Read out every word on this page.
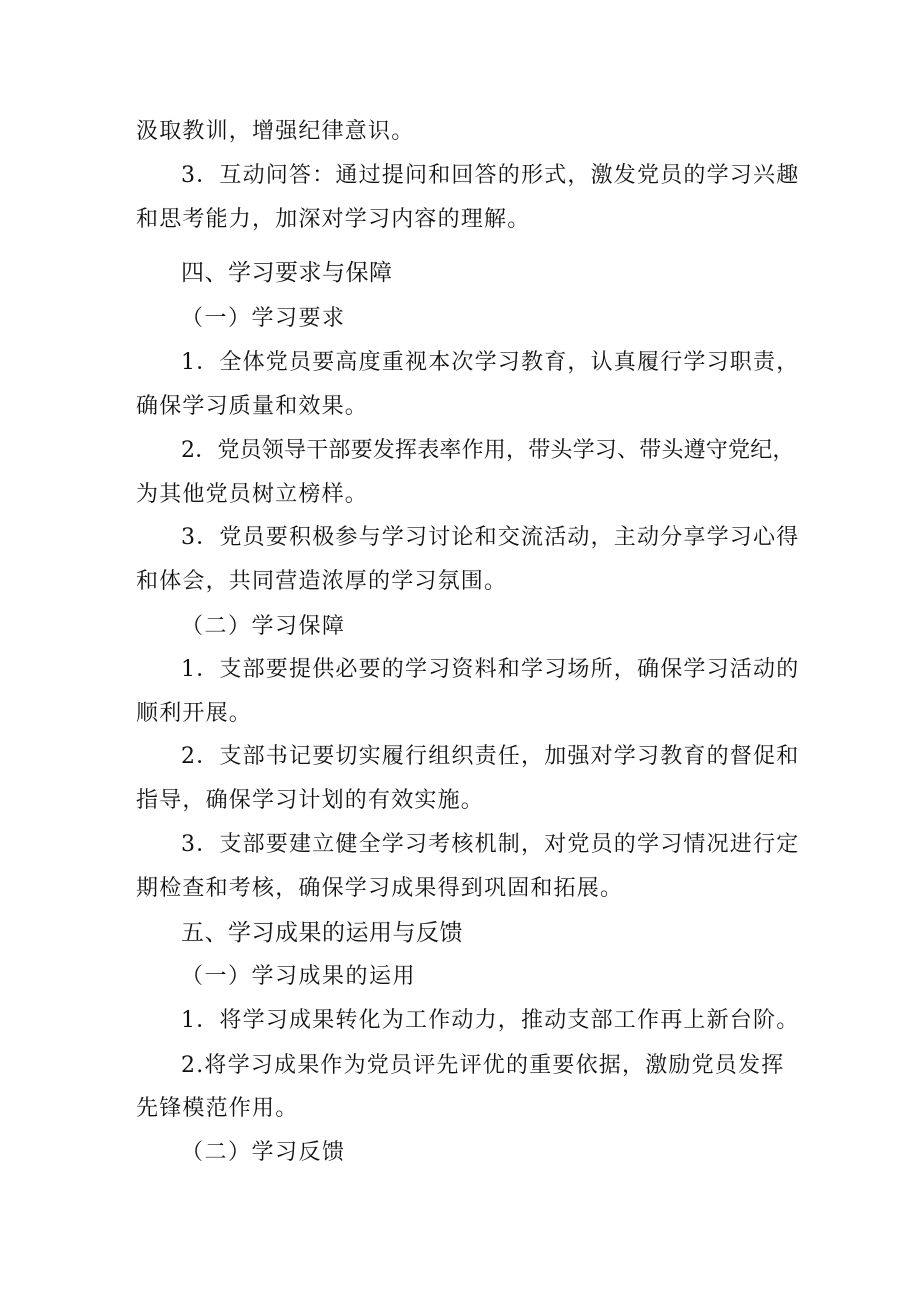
汲取教训，增强纪律意识。
3．互动问答：通过提问和回答的形式，激发党员的学习兴趣
和思考能力，加深对学习内容的理解。
四、学习要求与保障
（一）学习要求
1．全体党员要高度重视本次学习教育，认真履行学习职责，
确保学习质量和效果。
2．党员领导干部要发挥表率作用，带头学习、带头遵守党纪，
为其他党员树立榜样。
3．党员要积极参与学习讨论和交流活动，主动分享学习心得
和体会，共同营造浓厚的学习氛围。
（二）学习保障
1．支部要提供必要的学习资料和学习场所，确保学习活动的
顺利开展。
2．支部书记要切实履行组织责任，加强对学习教育的督促和
指导，确保学习计划的有效实施。
3．支部要建立健全学习考核机制，对党员的学习情况进行定
期检查和考核，确保学习成果得到巩固和拓展。
五、学习成果的运用与反馈
（一）学习成果的运用
1．将学习成果转化为工作动力，推动支部工作再上新台阶。
2.将学习成果作为党员评先评优的重要依据，激励党员发挥
先锋模范作用。
（二）学习反馈
